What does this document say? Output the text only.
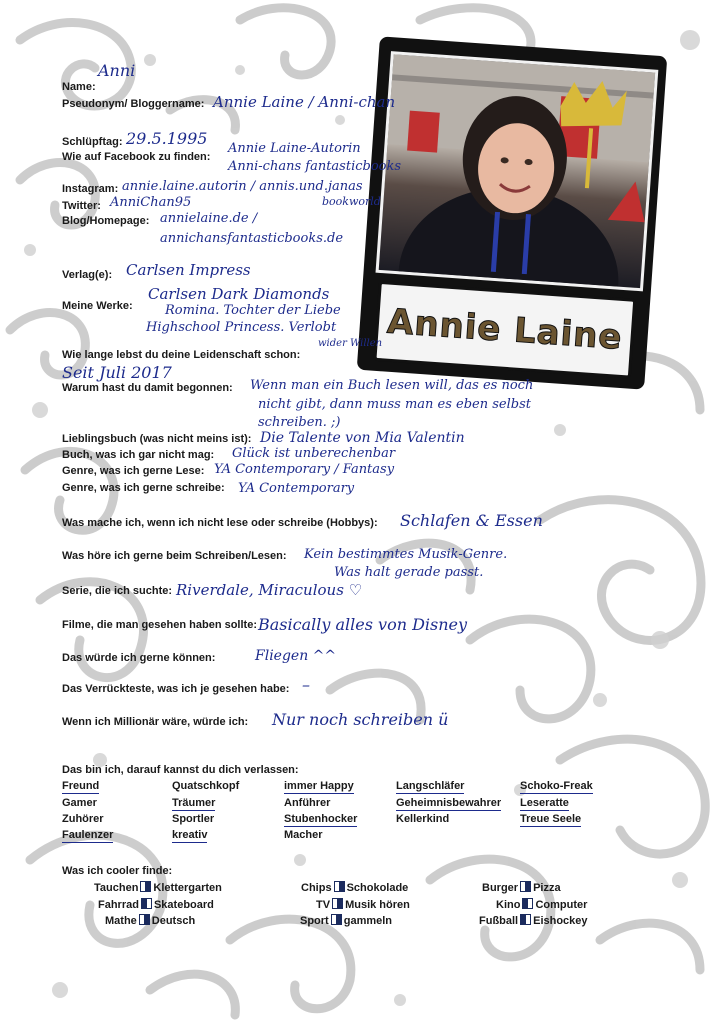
Annie Laine
Name:
Anni
Pseudonym/ Bloggername: Annie Laine / Anni-chan
Schlüpftag: 29.5.1995
Wie auf Facebook zu finden:
Annie Laine-Autorin
Anni-chans fantasticbooks
Instagram: annie.laine.autorin / annis.und.janas
bookworld
Twitter: AnniChan95
Blog/Homepage: annielaine.de /
annichansfantasticbooks.de
Verlag(e): Carlsen Impress
Carlsen Dark Diamonds
Meine Werke: Romina. Tochter der Liebe
Highschool Princess. Verlobt
wider Willen
Wie lange lebst du deine Leidenschaft schon:
Seit Juli 2017
Warum hast du damit begonnen: Wenn man ein Buch lesen will, das es noch
nicht gibt, dann muss man es eben selbst
schreiben. ;)
Lieblingsbuch (was nicht meins ist): Die Talente von Mia Valentin
Buch, was ich gar nicht mag: Glück ist unberechenbar
Genre, was ich gerne Lese: YA Contemporary / Fantasy
Genre, was ich gerne schreibe: YA Contemporary
Was mache ich, wenn ich nicht lese oder schreibe (Hobbys): Schlafen & Essen
Was höre ich gerne beim Schreiben/Lesen: Kein bestimmtes Musik-Genre.
Was halt gerade passt.
Serie, die ich suchte: Riverdale, Miraculous ♡
Filme, die man gesehen haben sollte: Basically alles von Disney
Das würde ich gerne können:	Fliegen ^^
Das Verrückteste, was ich je gesehen habe: –
Wenn ich Millionär wäre, würde ich: Nur noch schreiben ü
Das bin ich, darauf kannst du dich verlassen:
Freund
Gamer
Zuhörer
Faulenzer
Quatschkopf
Träumer
Sportler
kreativ
immer Happy
Anführer
Stubenhocker
Macher
Langschläfer
Geheimnisbewahrer
Kellerkind
Schoko-Freak
Leseratte
Treue Seele
Was ich cooler finde:
Tauchen Klettergarten
Fahrrad Skateboard
Mathe Deutsch
Chips Schokolade
TV Musik hören
Sport gammeln
Burger Pizza
Kino Computer
Fußball Eishockey
